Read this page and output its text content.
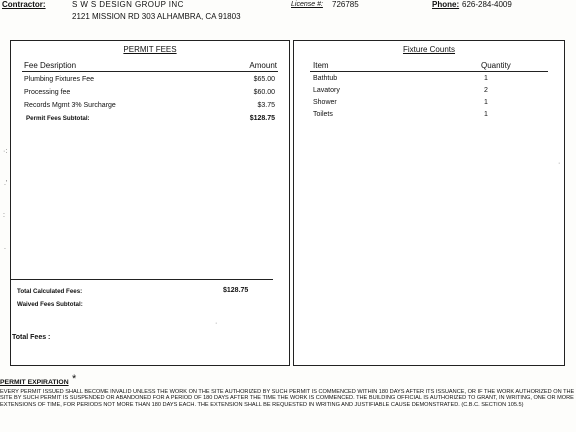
Contractor:	S W S DESIGN GROUP INC
2121 MISSION RD 303 ALHAMBRA, CA 91803
License #: 726785	Phone: 626-284-4009
PERMIT FEES
Fee Desription	Amount
Plumbing Fixtures Fee	$65.00
Processing fee	$60.00
Records Mgmt 3% Surcharge	$3.75
Permit Fees Subtotal:	$128.75
Total Calculated Fees:	$128.75
Waived Fees Subtotal:
Total Fees :
Fixture Counts
Item	Quantity
Bathtub	1
Lavatory	2
Shower	1
Toilets	1
·:
.'
:
.
·
·
PERMIT EXPIRATION *
EVERY PERMIT ISSUED SHALL BECOME INVALID UNLESS THE WORK ON THE SITE AUTHORIZED BY SUCH PERMIT IS COMMENCED WITHIN 180 DAYS AFTER ITS ISSUANCE, OR IF THE WORK AUTHORIZED ON THE SITE BY SUCH PERMIT IS SUSPENDED OR ABANDONED FOR A PERIOD OF 180 DAYS AFTER THE TIME THE WORK IS COMMENCED. THE BUILDING OFFICIAL IS AUTHORIZED TO GRANT, IN WRITING, ONE OR MORE EXTENSIONS OF TIME, FOR PERIODS NOT MORE THAN 180 DAYS EACH. THE EXTENSION SHALL BE REQUESTED IN WRITING AND JUSTIFIABLE CAUSE DEMONSTRATED. (C.B.C. SECTION 105.5)
